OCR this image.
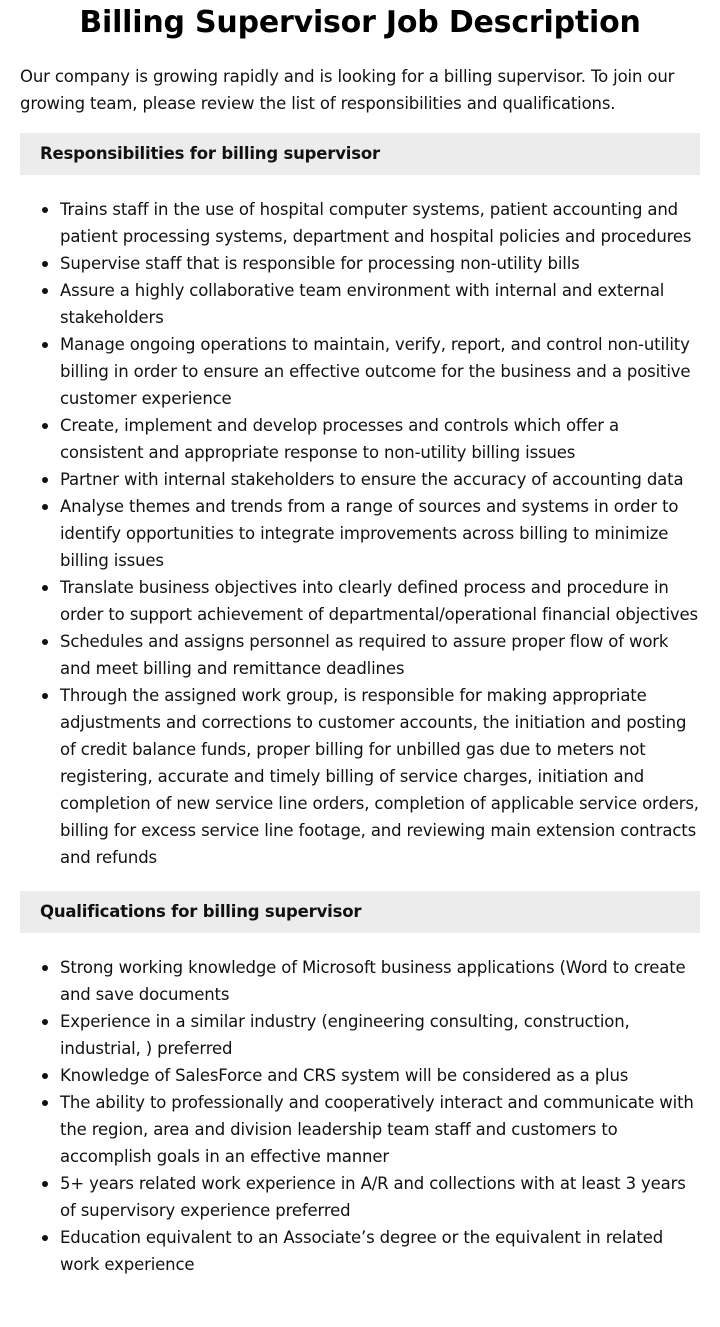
Billing Supervisor Job Description

Our company is growing rapidly and is looking for a billing supervisor. To join our growing team, please review the list of responsibilities and qualifications.

Responsibilities for billing supervisor
Trains staff in the use of hospital computer systems, patient accounting and patient processing systems, department and hospital policies and procedures
Supervise staff that is responsible for processing non-utility bills
Assure a highly collaborative team environment with internal and external stakeholders
Manage ongoing operations to maintain, verify, report, and control non-utility billing in order to ensure an effective outcome for the business and a positive customer experience
Create, implement and develop processes and controls which offer a consistent and appropriate response to non-utility billing issues
Partner with internal stakeholders to ensure the accuracy of accounting data
Analyse themes and trends from a range of sources and systems in order to identify opportunities to integrate improvements across billing to minimize billing issues
Translate business objectives into clearly defined process and procedure in order to support achievement of departmental/operational financial objectives
Schedules and assigns personnel as required to assure proper flow of work and meet billing and remittance deadlines
Through the assigned work group, is responsible for making appropriate adjustments and corrections to customer accounts, the initiation and posting of credit balance funds, proper billing for unbilled gas due to meters not registering, accurate and timely billing of service charges, initiation and completion of new service line orders, completion of applicable service orders, billing for excess service line footage, and reviewing main extension contracts and refunds
Qualifications for billing supervisor
Strong working knowledge of Microsoft business applications (Word to create and save documents
Experience in a similar industry (engineering consulting, construction, industrial, ) preferred
Knowledge of SalesForce and CRS system will be considered as a plus
The ability to professionally and cooperatively interact and communicate with the region, area and division leadership team staff and customers to accomplish goals in an effective manner
5+ years related work experience in A/R and collections with at least 3 years of supervisory experience preferred
Education equivalent to an Associate’s degree or the equivalent in related work experience
